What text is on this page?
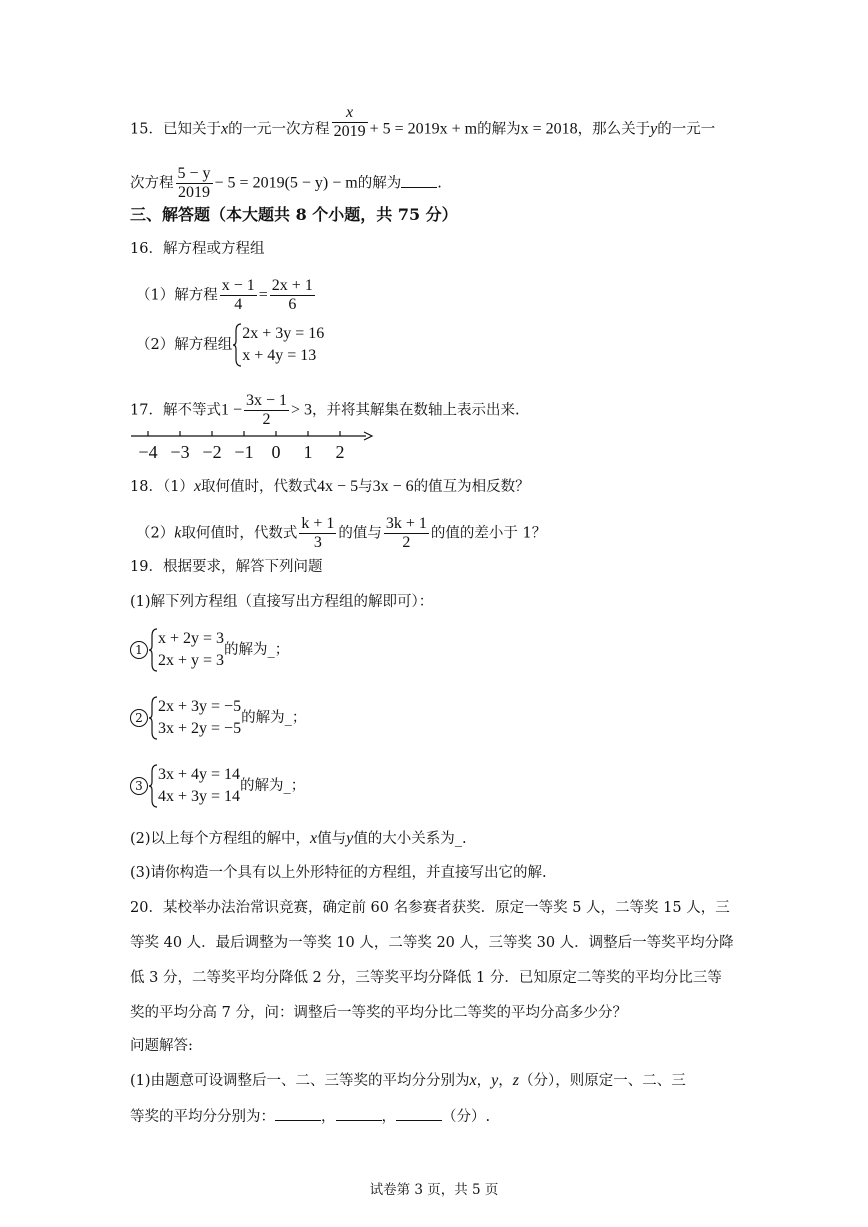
15．已知关于x的一元一次方程 $\frac{x}{2019} + 5 = 2019x + m$的解为x = 2018，那么关于y的一元一
次方程 $\frac{5 - y}{2019} - 5 = 2019(5 - y) - m$的解为 .
三、解答题（本大题共 8 个小题，共 75 分）
16．解方程或方程组
（1）解方程 $\frac{x - 1}{4} = \frac{2x + 1}{6}$
（2）解方程组
2x + 3y = 16
x + 4y = 13
17．解不等式$1 - \frac{3x - 1}{2} > 3$，并将其解集在数轴上表示出来.
−4 −3 −2 −1 0 1 2
18．（1）x取何值时，代数式4x − 5与3x − 6的值互为相反数？
（2）k取何值时，代数式 $\frac{k + 1}{3}$ 的值与 $\frac{3k + 1}{2}$ 的值的差小于 1？
19．根据要求，解答下列问题
(1)解下列方程组（直接写出方程组的解即可）：
1
x + 2y = 3
2x + y = 3
的解为_；
2
2x + 3y = −5
3x + 2y = −5
的解为_；
3
3x + 4y = 14
4x + 3y = 14
的解为_；
(2)以上每个方程组的解中，x值与y值的大小关系为_.
(3)请你构造一个具有以上外形特征的方程组，并直接写出它的解.
20．某校举办法治常识竞赛，确定前 60 名参赛者获奖．原定一等奖 5 人，二等奖 15 人，三
等奖 40 人．最后调整为一等奖 10 人，二等奖 20 人，三等奖 30 人．调整后一等奖平均分降
低 3 分，二等奖平均分降低 2 分，三等奖平均分降低 1 分．已知原定二等奖的平均分比三等
奖的平均分高 7 分，问：调整后一等奖的平均分比二等奖的平均分高多少分？
问题解答:
(1)由题意可设调整后一、二、三等奖的平均分分别为x，y，z（分），则原定一、二、三
等奖的平均分分别为：	，	，	（分）.
试卷第 3 页，共 5 页
